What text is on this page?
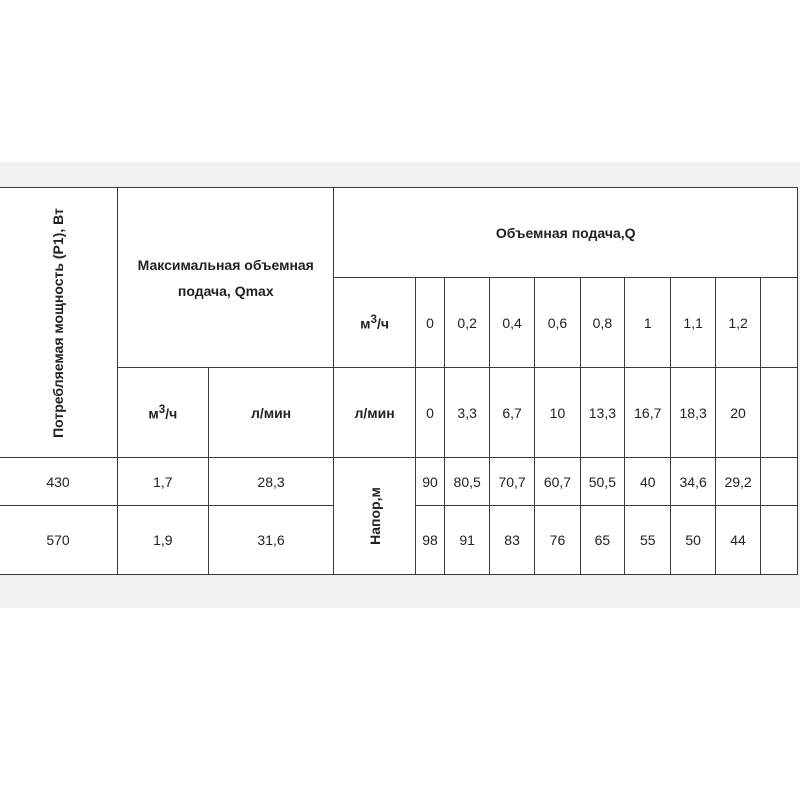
Потребляемая мощность (P1), Вт	Максимальная объемная подача, Qmax		Объемная подача,Q									
			$м^3/ч$	0	0,2	0,4	0,6	0,8	1	1,1	1,2	
	$м^3/ч$	л/мин	л/мин	0	3,3	6,7	10	13,3	16,7	18,3	20	
430	1,7	28,3	Напор,м	90	80,5	70,7	60,7	50,5	40	34,6	29,2	
570	1,9	31,6		98	91	83	76	65	55	50	44	
